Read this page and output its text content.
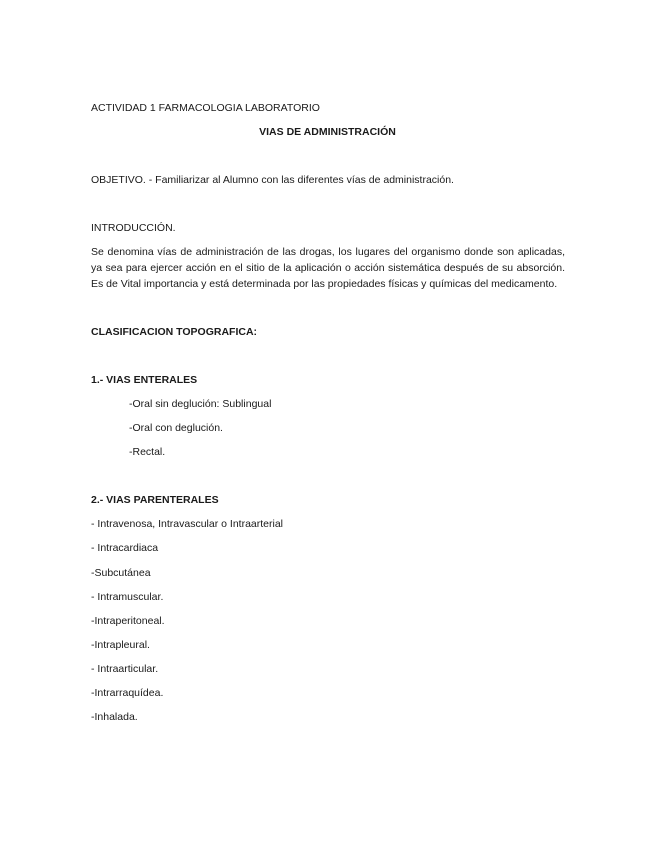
ACTIVIDAD 1 FARMACOLOGIA LABORATORIO
VIAS DE ADMINISTRACIÓN
OBJETIVO. - Familiarizar al Alumno con las diferentes vías de administración.
INTRODUCCIÓN.
Se denomina vías de administración de las drogas, los lugares del organismo donde son aplicadas, ya sea para ejercer acción en el sitio de la aplicación o acción sistemática después de su absorción. Es de Vital importancia y está determinada por las propiedades físicas y químicas del medicamento.
CLASIFICACION TOPOGRAFICA:
1.- VIAS ENTERALES
-Oral sin deglución: Sublingual
-Oral con deglución.
-Rectal.
2.- VIAS PARENTERALES
- Intravenosa, Intravascular o Intraarterial
- Intracardiaca
-Subcutánea
- Intramuscular.
-Intraperitoneal.
-Intrapleural.
- Intraarticular.
-Intrarraquídea.
-Inhalada.
